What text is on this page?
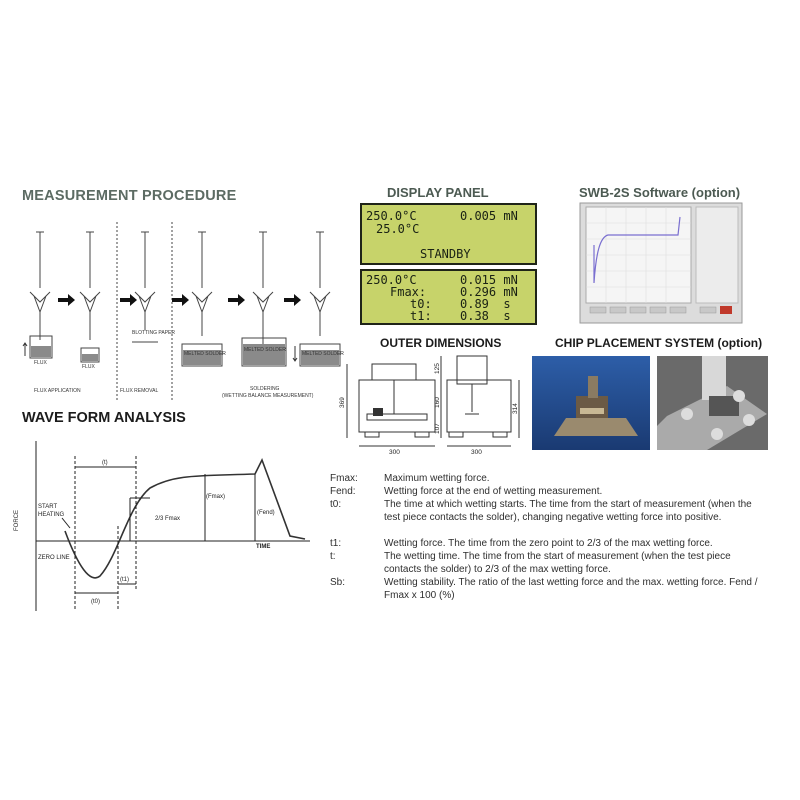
MEASUREMENT PROCEDURE
WAVE FORM ANALYSIS
DISPLAY PANEL	SWB-2S Software (option)
OUTER DIMENSIONS	CHIP PLACEMENT SYSTEM (option)
FLUX
FLUX
FLUX APPLICATION
BLOTTING PAPER
FLUX REMOVAL
MELTED SOLDER
MELTED SOLDER
MELTED SOLDER
SOLDERING
(WETTING BALANCE MEASUREMENT)
FORCE
TIME
START
HEATING
ZERO LINE
(t)
(t0)
(t1)
2/3 Fmax
(Fmax)
(Fend)
250.0°C	0.005 mN
25.0°C
STANDBY
250.0°C	0.015 mN
Fmax:	0.296 mN
t0: 0.89  s
t1: 0.38  s
369
300	300
125
160
107
314
Fmax:	Maximum wetting force.
Fend:	Wetting force at the end of wetting measurement.
t0:	The time at which wetting starts. The time from the start of measurement (when the test piece contacts the solder), changing negative wetting force into positive.
t1:	Wetting force. The time from the zero point to 2/3 of the max wetting force.
t:	The wetting time. The time from the start of measurement (when the test piece contacts the solder) to 2/3 of the max wetting force.
Sb:	Wetting stability. The ratio of the last wetting force and the max. wetting force. Fend / Fmax x 100 (%)
